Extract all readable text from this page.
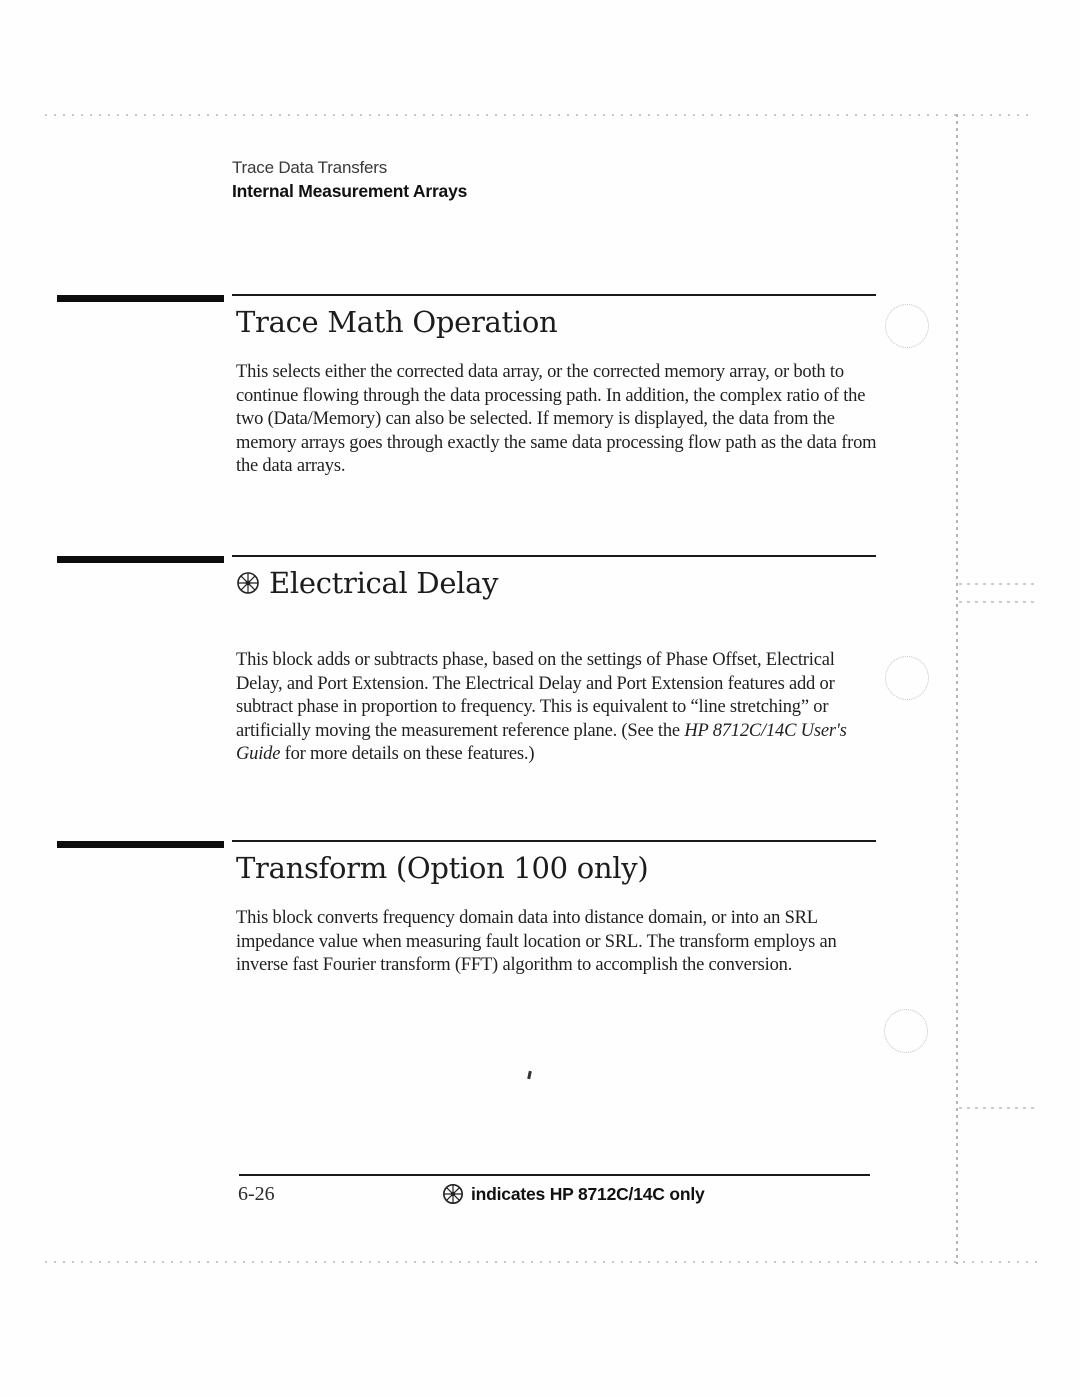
Trace Data Transfers
Internal Measurement Arrays
Trace Math Operation
This selects either the corrected data array, or the corrected memory array, or both to continue flowing through the data processing path. In addition, the complex ratio of the two (Data/Memory) can also be selected. If memory is displayed, the data from the memory arrays goes through exactly the same data processing flow path as the data from the data arrays.
Electrical Delay
This block adds or subtracts phase, based on the settings of Phase Offset, Electrical Delay, and Port Extension. The Electrical Delay and Port Extension features add or subtract phase in proportion to frequency. This is equivalent to “line stretching” or artificially moving the measurement reference plane. (See the HP 8712C/14C User's Guide for more details on these features.)
Transform (Option 100 only)
This block converts frequency domain data into distance domain, or into an SRL impedance value when measuring fault location or SRL. The transform employs an inverse fast Fourier transform (FFT) algorithm to accomplish the conversion.
6-26	indicates HP 8712C/14C only
